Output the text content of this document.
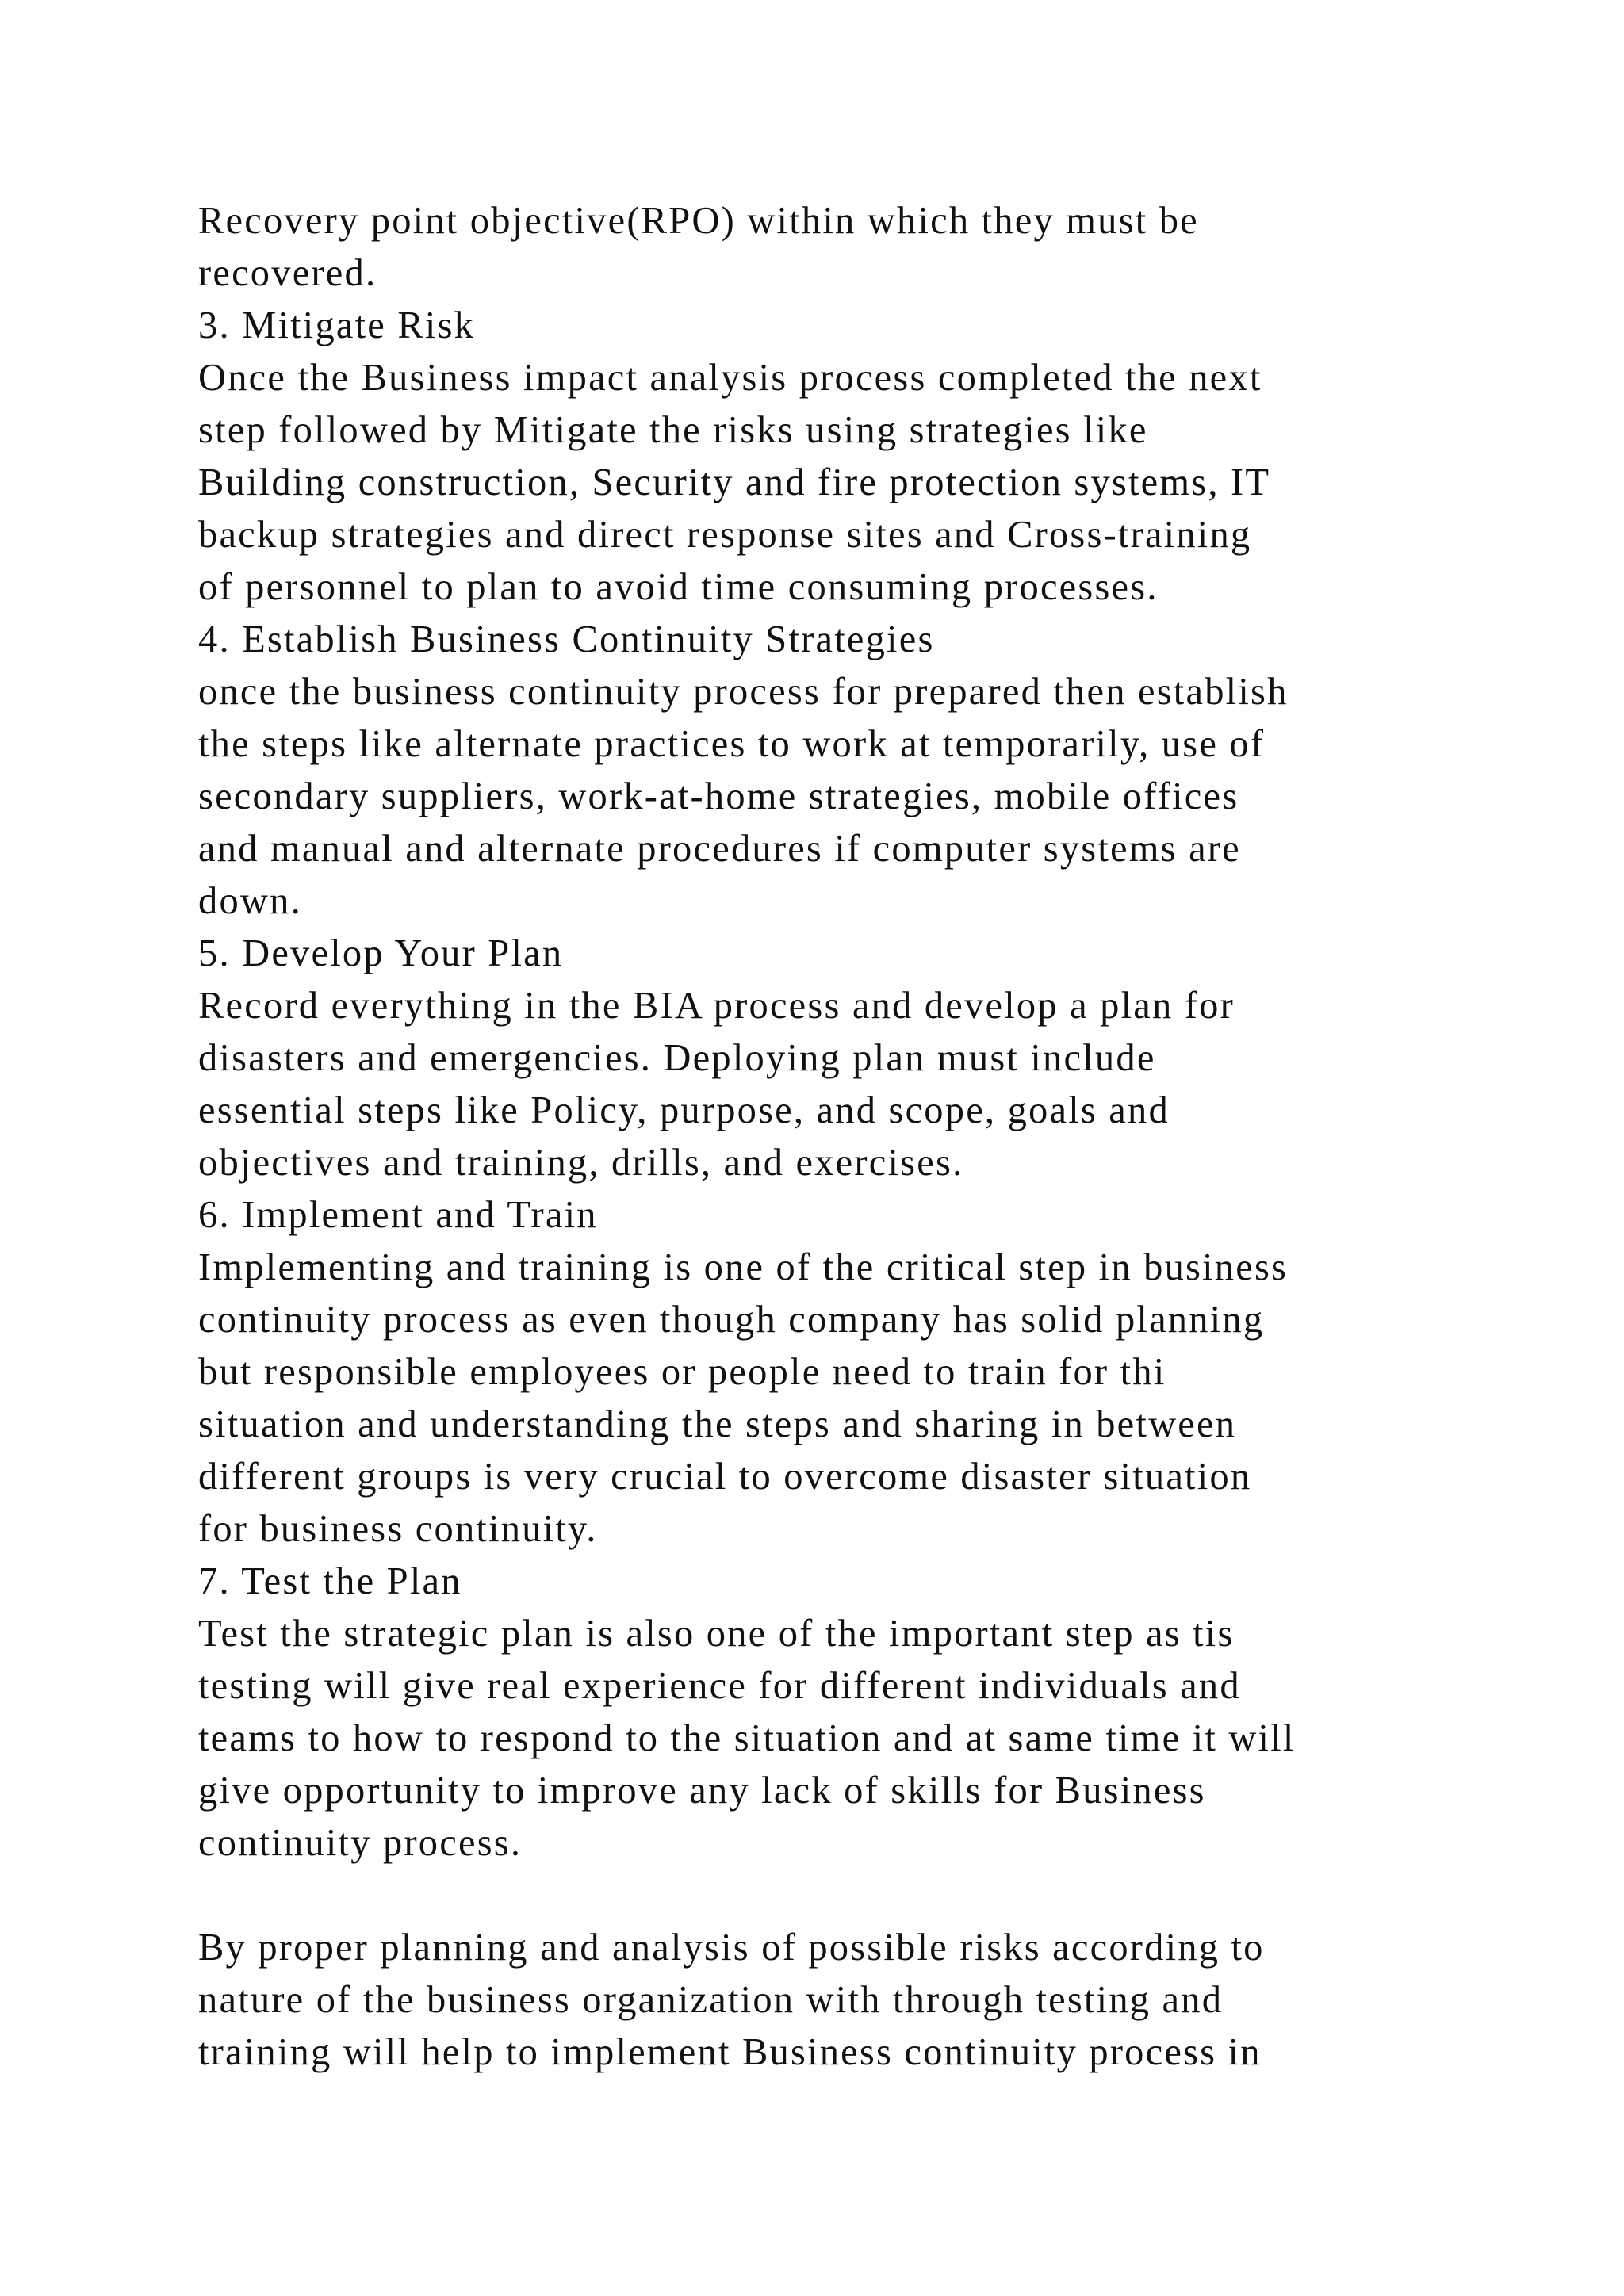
Recovery point objective(RPO) within which they must be
recovered.
3. Mitigate Risk
Once the Business impact analysis process completed the next
step followed by Mitigate the risks using strategies like
Building construction, Security and fire protection systems, IT
backup strategies and direct response sites and Cross-training
of personnel to plan to avoid time consuming processes.
4. Establish Business Continuity Strategies
once the business continuity process for prepared then establish
the steps like alternate practices to work at temporarily, use of
secondary suppliers, work-at-home strategies, mobile offices
and manual and alternate procedures if computer systems are
down.
5. Develop Your Plan
Record everything in the BIA process and develop a plan for
disasters and emergencies. Deploying plan must include
essential steps like Policy, purpose, and scope, goals and
objectives and training, drills, and exercises.
6. Implement and Train
Implementing and training is one of the critical step in business
continuity process as even though company has solid planning
but responsible employees or people need to train for thi
situation and understanding the steps and sharing in between
different groups is very crucial to overcome disaster situation
for business continuity.
7. Test the Plan
Test the strategic plan is also one of the important step as tis
testing will give real experience for different individuals and
teams to how to respond to the situation and at same time it will
give opportunity to improve any lack of skills for Business
continuity process.
By proper planning and analysis of possible risks according to
nature of the business organization with through testing and
training will help to implement Business continuity process in
